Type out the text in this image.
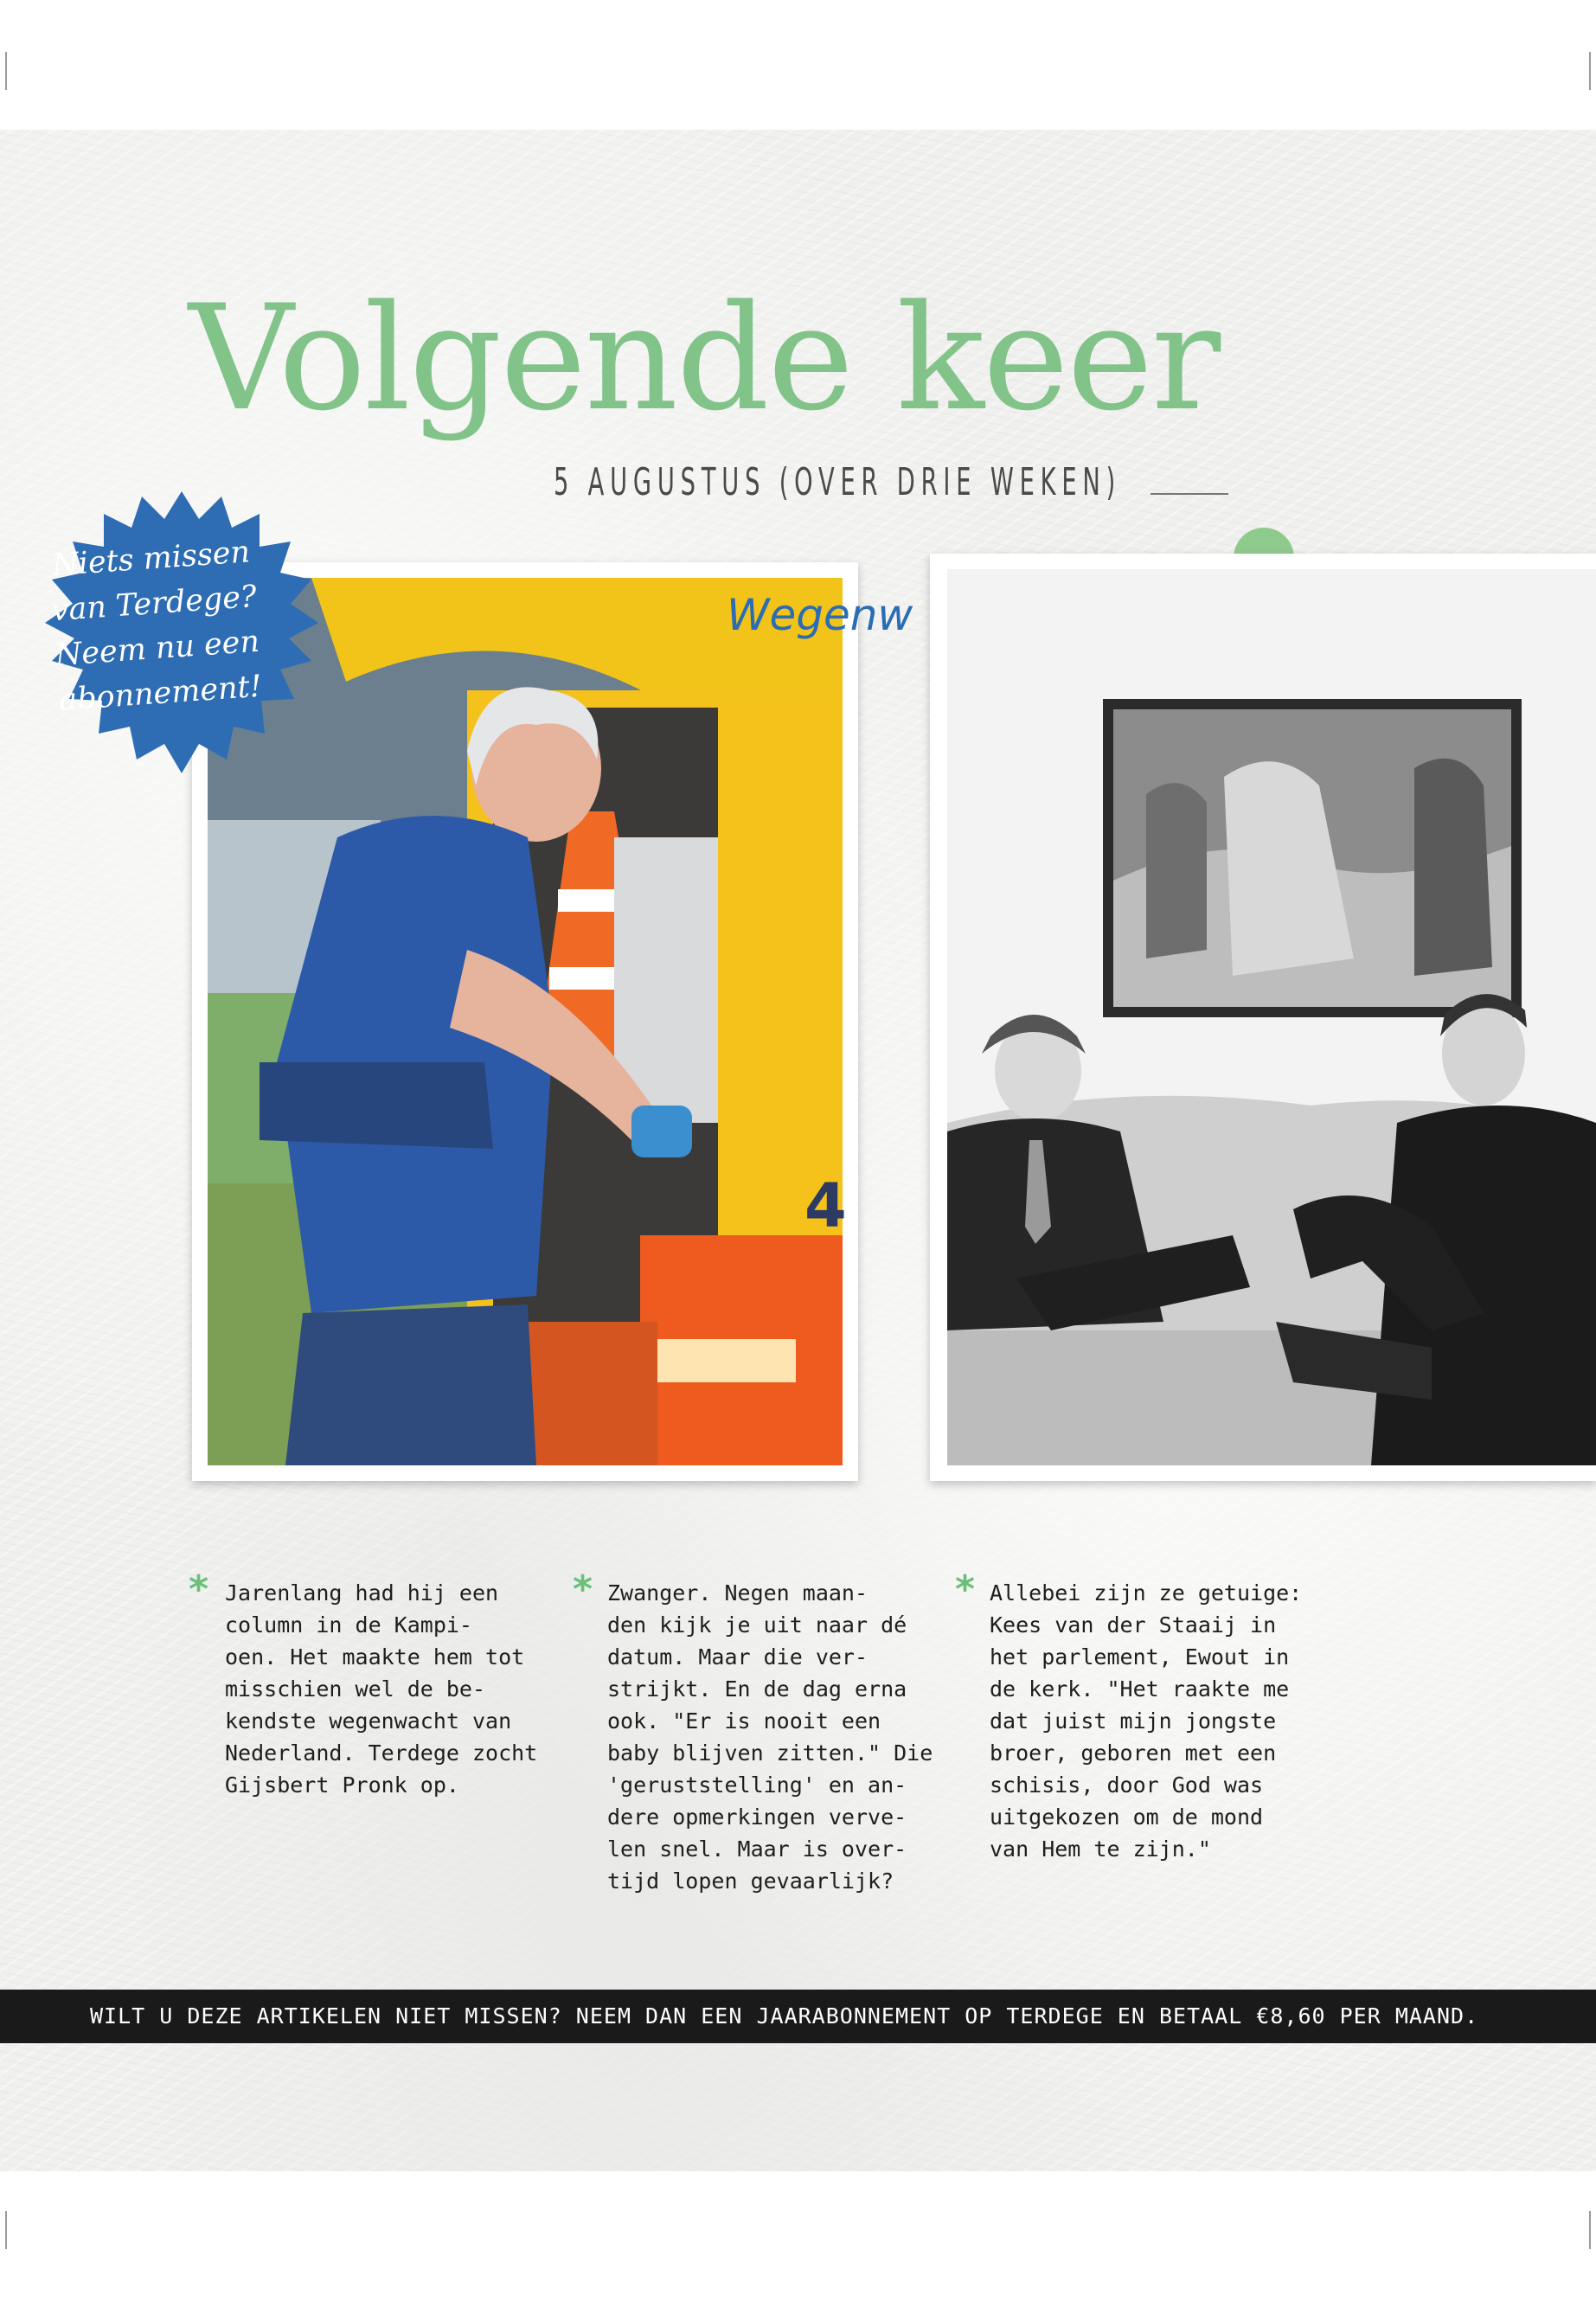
Volgende keer
5 AUGUSTUS (OVER DRIE WEKEN)
Wegenw
4
Niets missen van Terdege? Neem nu een abonnement!
* Jarenlang had hij een
column in de Kampi-
oen. Het maakte hem tot
misschien wel de be-
kendste wegenwacht van
Nederland. Terdege zocht
Gijsbert Pronk op.

* Zwanger. Negen maan-
den kijk je uit naar dé
datum. Maar die ver-
strijkt. En de dag erna
ook. "Er is nooit een
baby blijven zitten." Die
'geruststelling' en an-
dere opmerkingen verve-
len snel. Maar is over-
tijd lopen gevaarlijk?

* Allebei zijn ze getuige:
Kees van der Staaij in
het parlement, Ewout in
de kerk. "Het raakte me
dat juist mijn jongste
broer, geboren met een
schisis, door God was
uitgekozen om de mond
van Hem te zijn."

WILT U DEZE ARTIKELEN NIET MISSEN? NEEM DAN EEN JAARABONNEMENT OP TERDEGE EN BETAAL €8,60 PER MAAND.
